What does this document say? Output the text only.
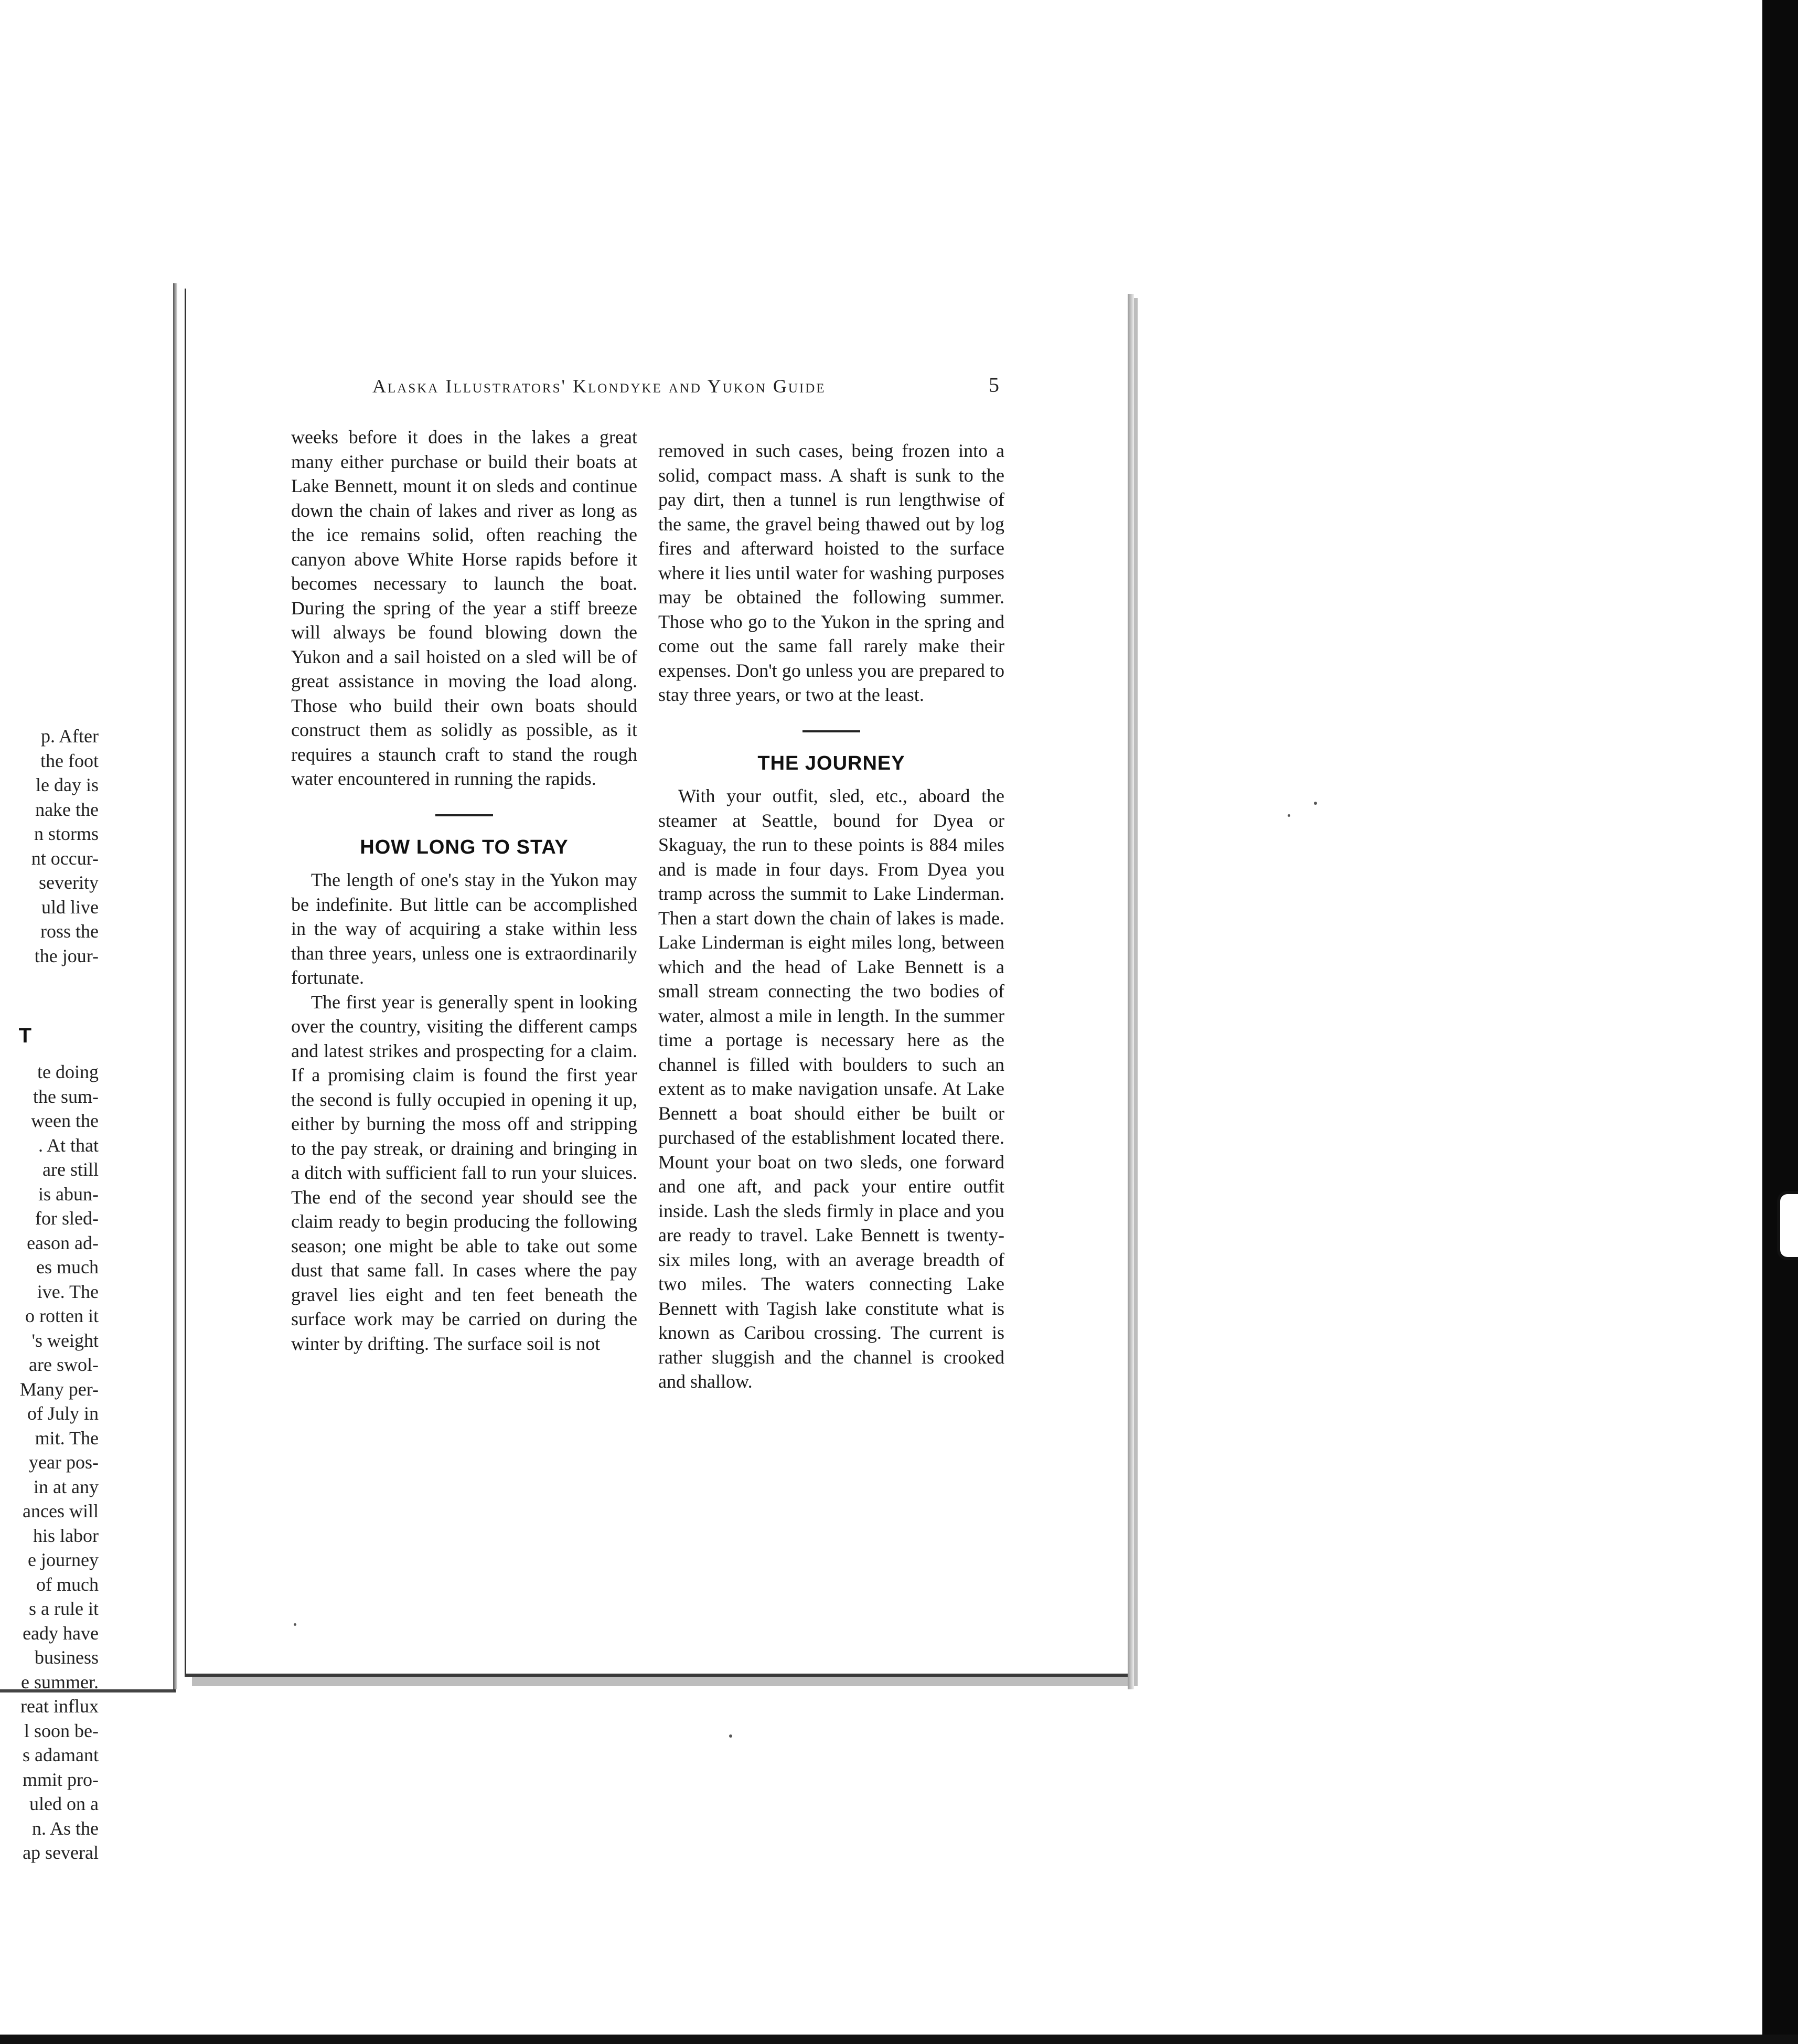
p. After
the foot
le day is
nake the
n storms
nt occur-
severity
uld live
ross the
the jour-
T
te doing
the sum-
ween the
. At that
are still
is abun-
for sled-
eason ad-
es much
ive. The
o rotten it
's weight
are swol-
Many per-
of July in
mit. The
year pos-
in at any
ances will
his labor
e journey
of much
s a rule it
eady have
business
e summer.
reat influx
l soon be-
s adamant
mmit pro-
uled on a
n. As the
ap several
Alaska Illustrators' Klondyke and Yukon Guide	5

weeks before it does in the lakes a great many either purchase or build their boats at Lake Bennett, mount it on sleds and continue down the chain of lakes and river as long as the ice remains solid, often reaching the canyon above White Horse rapids before it becomes necessary to launch the boat. During the spring of the year a stiff breeze will always be found blowing down the Yukon and a sail hoisted on a sled will be of great assistance in moving the load along. Those who build their own boats should construct them as solidly as possible, as it requires a staunch craft to stand the rough water encountered in running the rapids.

HOW LONG TO STAY

The length of one's stay in the Yukon may be indefinite. But little can be accomplished in the way of acquiring a stake within less than three years, unless one is extraordinarily fortunate.

The first year is generally spent in looking over the country, visiting the different camps and latest strikes and prospecting for a claim. If a promising claim is found the first year the second is fully occupied in opening it up, either by burning the moss off and stripping to the pay streak, or draining and bringing in a ditch with sufficient fall to run your sluices. The end of the second year should see the claim ready to begin producing the following season; one might be able to take out some dust that same fall. In cases where the pay gravel lies eight and ten feet beneath the surface work may be carried on during the winter by drifting. The surface soil is not

removed in such cases, being frozen into a solid, compact mass. A shaft is sunk to the pay dirt, then a tunnel is run lengthwise of the same, the gravel being thawed out by log fires and afterward hoisted to the surface where it lies until water for washing purposes may be obtained the following summer. Those who go to the Yukon in the spring and come out the same fall rarely make their expenses. Don't go unless you are prepared to stay three years, or two at the least.

THE JOURNEY

With your outfit, sled, etc., aboard the steamer at Seattle, bound for Dyea or Skaguay, the run to these points is 884 miles and is made in four days. From Dyea you tramp across the summit to Lake Linderman. Then a start down the chain of lakes is made. Lake Linderman is eight miles long, between which and the head of Lake Bennett is a small stream connecting the two bodies of water, almost a mile in length. In the summer time a portage is necessary here as the channel is filled with boulders to such an extent as to make navigation unsafe. At Lake Bennett a boat should either be built or purchased of the establishment located there. Mount your boat on two sleds, one forward and one aft, and pack your entire outfit inside. Lash the sleds firmly in place and you are ready to travel. Lake Bennett is twenty-six miles long, with an average breadth of two miles. The waters connecting Lake Bennett with Tagish lake constitute what is known as Caribou crossing. The current is rather sluggish and the channel is crooked and shallow.
